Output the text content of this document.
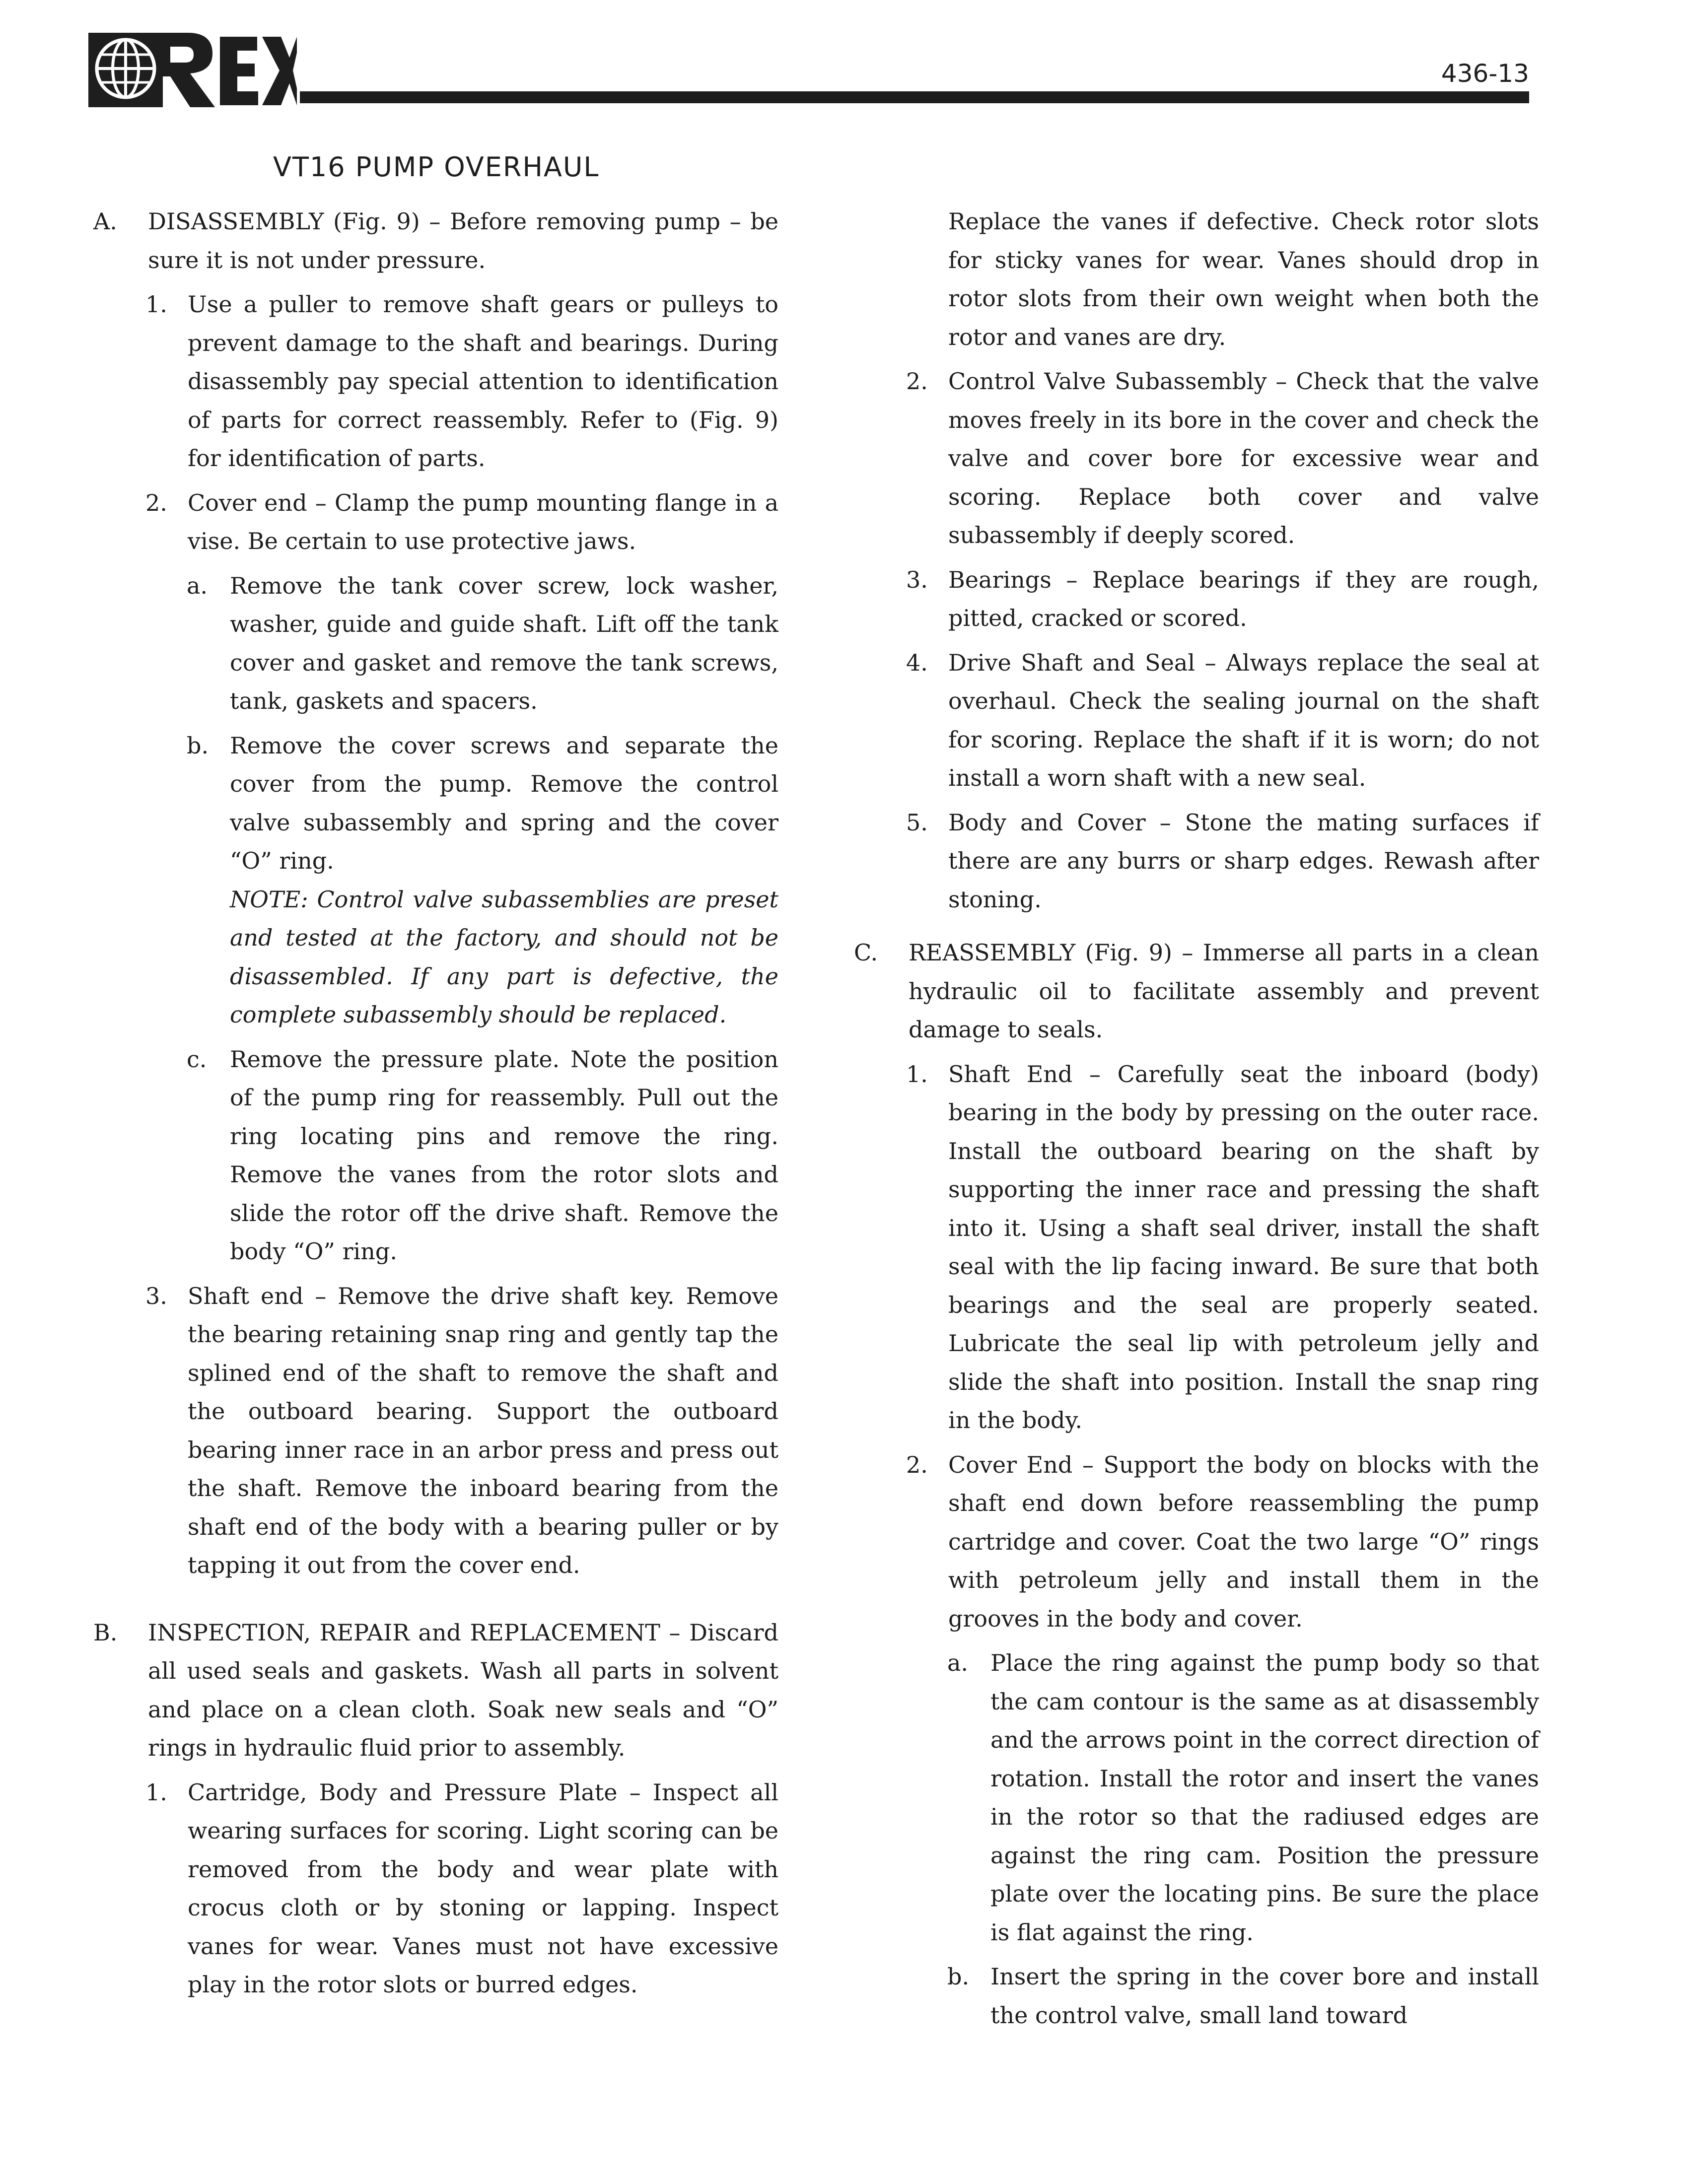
436-13
VT16 PUMP OVERHAUL
A. DISASSEMBLY (Fig. 9) – Before removing pump – be sure it is not under pressure.

1. Use a puller to remove shaft gears or pulleys to prevent damage to the shaft and bearings. During disassembly pay special attention to identification of parts for correct reassembly. Refer to (Fig. 9) for identification of parts.

2. Cover end – Clamp the pump mounting flange in a vise. Be certain to use protective jaws.

a. Remove the tank cover screw, lock washer, washer, guide and guide shaft. Lift off the tank cover and gasket and remove the tank screws, tank, gaskets and spacers.

b. Remove the cover screws and separate the cover from the pump. Remove the control valve subassembly and spring and the cover “O” ring.

NOTE: Control valve subassemblies are preset and tested at the factory, and should not be disassembled. If any part is defective, the complete subassembly should be replaced.

c. Remove the pressure plate. Note the position of the pump ring for reassembly. Pull out the ring locating pins and remove the ring. Remove the vanes from the rotor slots and slide the rotor off the drive shaft. Remove the body “O” ring.

3. Shaft end – Remove the drive shaft key. Remove the bearing retaining snap ring and gently tap the splined end of the shaft to remove the shaft and the outboard bearing. Support the outboard bearing inner race in an arbor press and press out the shaft. Remove the inboard bearing from the shaft end of the body with a bearing puller or by tapping it out from the cover end.

B. INSPECTION, REPAIR and REPLACEMENT – Discard all used seals and gaskets. Wash all parts in solvent and place on a clean cloth. Soak new seals and “O” rings in hydraulic fluid prior to assembly.

1. Cartridge, Body and Pressure Plate – Inspect all wearing surfaces for scoring. Light scoring can be removed from the body and wear plate with crocus cloth or by stoning or lapping. Inspect vanes for wear. Vanes must not have excessive play in the rotor slots or burred edges.

Replace the vanes if defective. Check rotor slots for sticky vanes for wear. Vanes should drop in rotor slots from their own weight when both the rotor and vanes are dry.

2. Control Valve Subassembly – Check that the valve moves freely in its bore in the cover and check the valve and cover bore for excessive wear and scoring. Replace both cover and valve subassembly if deeply scored.

3. Bearings – Replace bearings if they are rough, pitted, cracked or scored.

4. Drive Shaft and Seal – Always replace the seal at overhaul. Check the sealing journal on the shaft for scoring. Replace the shaft if it is worn; do not install a worn shaft with a new seal.

5. Body and Cover – Stone the mating surfaces if there are any burrs or sharp edges. Rewash after stoning.

C. REASSEMBLY (Fig. 9) – Immerse all parts in a clean hydraulic oil to facilitate assembly and prevent damage to seals.

1. Shaft End – Carefully seat the inboard (body) bearing in the body by pressing on the outer race. Install the outboard bearing on the shaft by supporting the inner race and pressing the shaft into it. Using a shaft seal driver, install the shaft seal with the lip facing inward. Be sure that both bearings and the seal are properly seated. Lubricate the seal lip with petroleum jelly and slide the shaft into position. Install the snap ring in the body.

2. Cover End – Support the body on blocks with the shaft end down before reassembling the pump cartridge and cover. Coat the two large “O” rings with petroleum jelly and install them in the grooves in the body and cover.

a. Place the ring against the pump body so that the cam contour is the same as at disassembly and the arrows point in the correct direction of rotation. Install the rotor and insert the vanes in the rotor so that the radiused edges are against the ring cam. Position the pressure plate over the locating pins. Be sure the place is flat against the ring.

b. Insert the spring in the cover bore and install the control valve, small land toward
